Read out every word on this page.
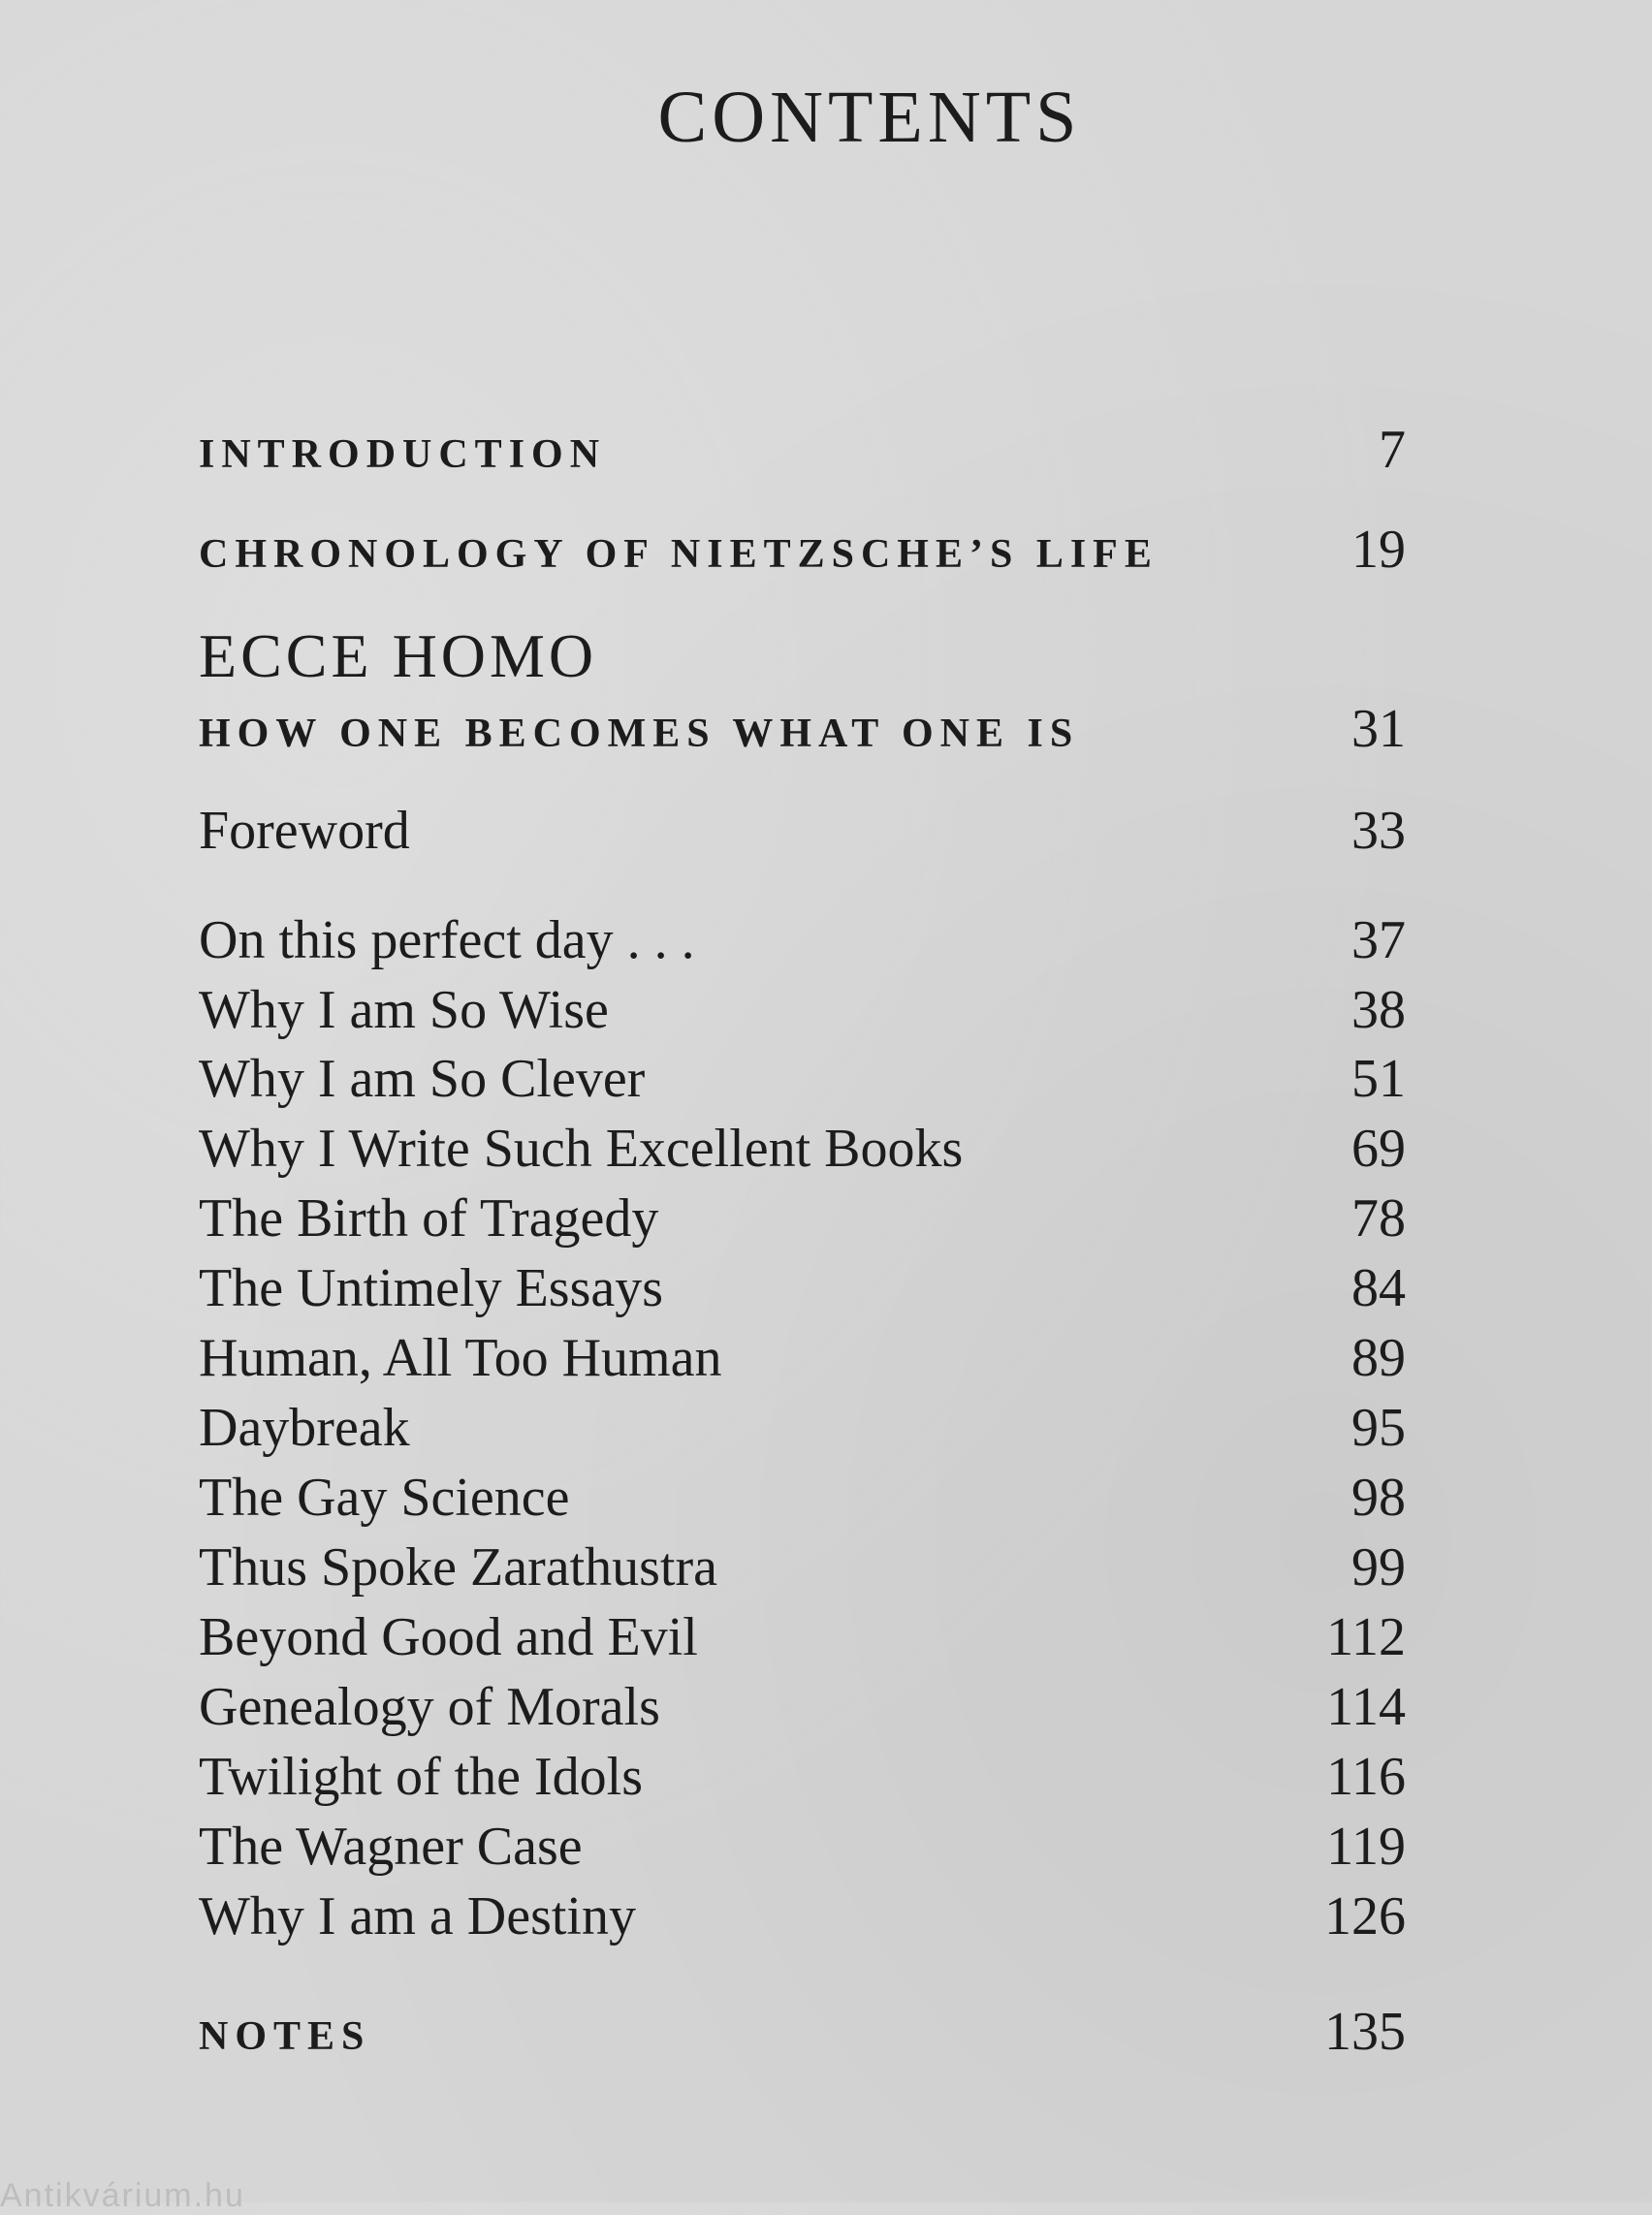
CONTENTS
INTRODUCTION	7
CHRONOLOGY OF NIETZSCHE’S LIFE	19
ECCE HOMO
HOW ONE BECOMES WHAT ONE IS	31
Foreword	33
On this perfect day . . .	37
Why I am So Wise	38
Why I am So Clever	51
Why I Write Such Excellent Books	69
The Birth of Tragedy	78
The Untimely Essays	84
Human, All Too Human	89
Daybreak	95
The Gay Science	98
Thus Spoke Zarathustra	99
Beyond Good and Evil	112
Genealogy of Morals	114
Twilight of the Idols	116
The Wagner Case	119
Why I am a Destiny	126
NOTES	135
Antikvárium.hu
